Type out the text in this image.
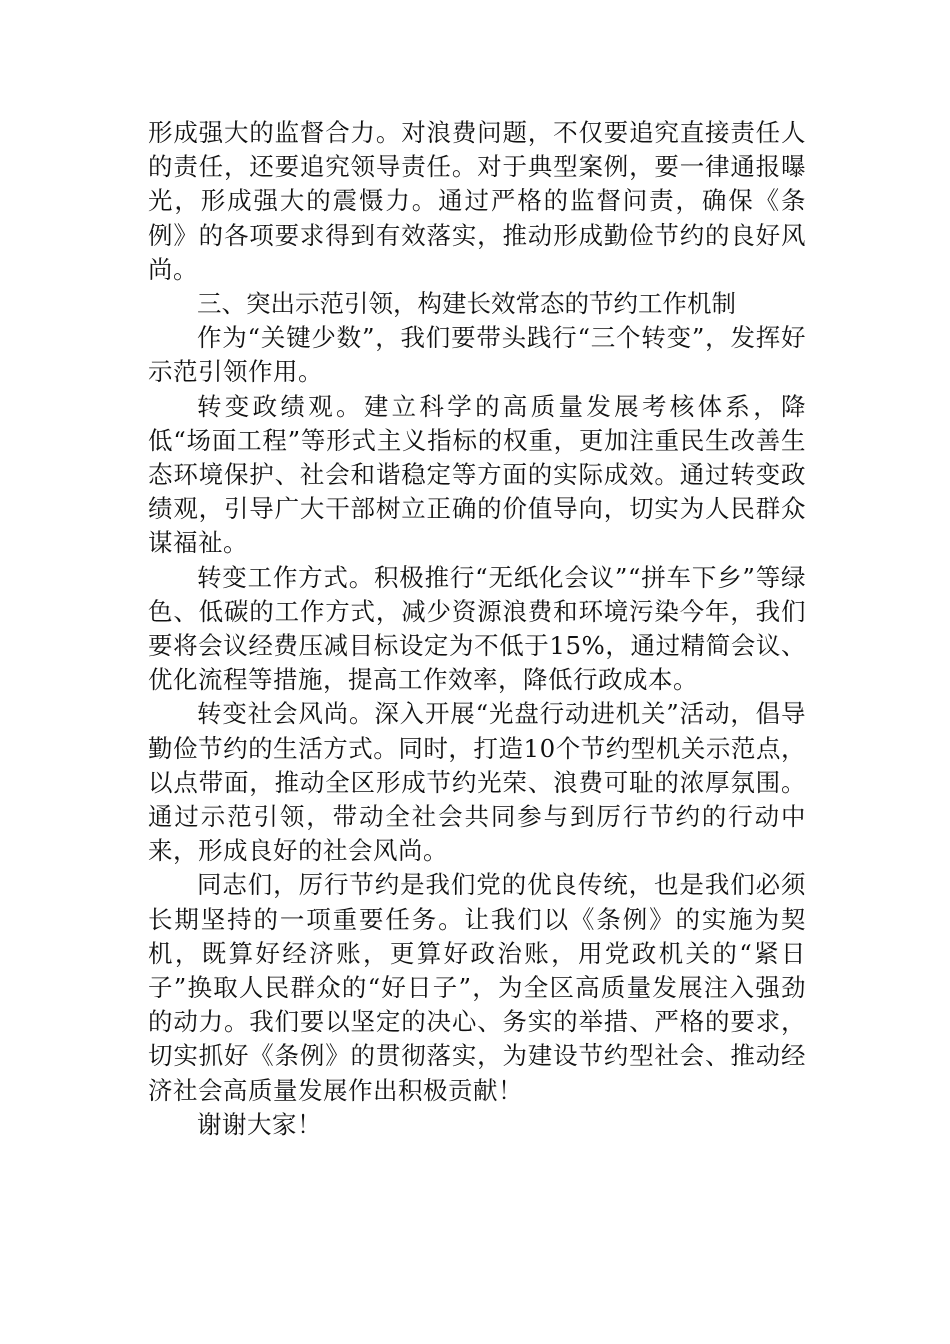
形成强大的监督合力。对浪费问题，不仅要追究直接责任人的责任，还要追究领导责任。对于典型案例，要一律通报曝光，形成强大的震慑力。通过严格的监督问责，确保《条例》的各项要求得到有效落实，推动形成勤俭节约的良好风尚。

三、突出示范引领，构建长效常态的节约工作机制

作为“关键少数”，我们要带头践行“三个转变”，发挥好示范引领作用。

转变政绩观。建立科学的高质量发展考核体系，降低“场面工程”等形式主义指标的权重，更加注重民生改善生态环境保护、社会和谐稳定等方面的实际成效。通过转变政绩观，引导广大干部树立正确的价值导向，切实为人民群众谋福祉。

转变工作方式。积极推行“无纸化会议”“拼车下乡”等绿色、低碳的工作方式，减少资源浪费和环境污染今年，我们要将会议经费压减目标设定为不低于15%，通过精简会议、优化流程等措施，提高工作效率，降低行政成本。

转变社会风尚。深入开展“光盘行动进机关”活动，倡导勤俭节约的生活方式。同时，打造10个节约型机关示范点，以点带面，推动全区形成节约光荣、浪费可耻的浓厚氛围。通过示范引领，带动全社会共同参与到厉行节约的行动中来，形成良好的社会风尚。

同志们，厉行节约是我们党的优良传统，也是我们必须长期坚持的一项重要任务。让我们以《条例》的实施为契机，既算好经济账，更算好政治账，用党政机关的“紧日子”换取人民群众的“好日子”，为全区高质量发展注入强劲的动力。我们要以坚定的决心、务实的举措、严格的要求，切实抓好《条例》的贯彻落实，为建设节约型社会、推动经济社会高质量发展作出积极贡献！

谢谢大家！
